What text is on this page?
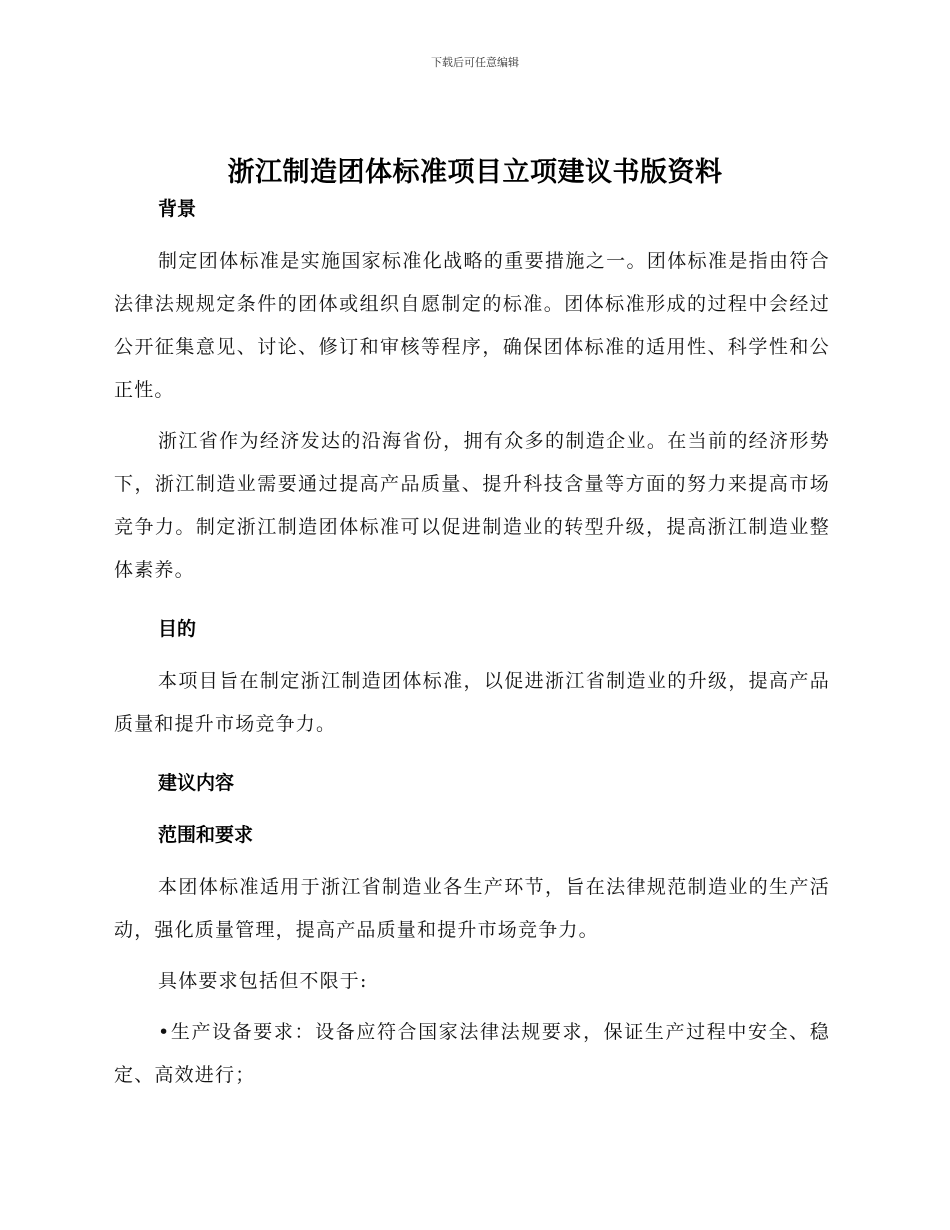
下载后可任意编辑
浙江制造团体标准项目立项建议书版资料
背景

制定团体标准是实施国家标准化战略的重要措施之一。团体标准是指由符合法律法规规定条件的团体或组织自愿制定的标准。团体标准形成的过程中会经过公开征集意见、讨论、修订和审核等程序，确保团体标准的适用性、科学性和公正性。

浙江省作为经济发达的沿海省份，拥有众多的制造企业。在当前的经济形势下，浙江制造业需要通过提高产品质量、提升科技含量等方面的努力来提高市场竞争力。制定浙江制造团体标准可以促进制造业的转型升级，提高浙江制造业整体素养。

目的

本项目旨在制定浙江制造团体标准，以促进浙江省制造业的升级，提高产品质量和提升市场竞争力。

建议内容
范围和要求

本团体标准适用于浙江省制造业各生产环节，旨在法律规范制造业的生产活动，强化质量管理，提高产品质量和提升市场竞争力。

具体要求包括但不限于:

•生产设备要求：设备应符合国家法律法规要求，保证生产过程中安全、稳定、高效进行；
